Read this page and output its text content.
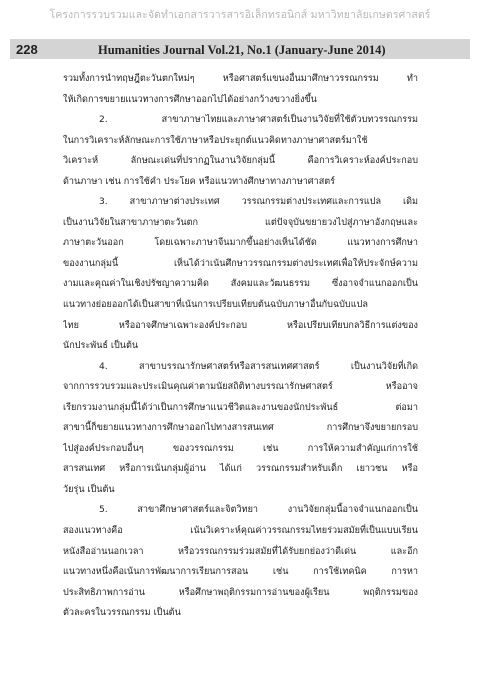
โครงการรวบรวมและจัดทำเอกสารวารสารอิเล็กทรอนิกส์ มหาวิทยาลัยเกษตรศาสตร์
228	Humanities Journal Vol.21, No.1 (January-June 2014)

รวมทั้งการนำทฤษฎีตะวันตกใหม่ๆ หรือศาสตร์แขนงอื่นมาศึกษาวรรณกรรม ทำ
ให้เกิดการขยายแนวทางการศึกษาออกไปได้อย่างกว้างขวางยิ่งขึ้น

2. สาขาภาษาไทยและภาษาศาสตร์เป็นงานวิจัยที่ใช้ตัวบทวรรณกรรม
ในการวิเคราะห์ลักษณะการใช้ภาษาหรือประยุกต์แนวคิดทางภาษาศาสตร์มาใช้
วิเคราะห์ ลักษณะเด่นที่ปรากฏในงานวิจัยกลุ่มนี้ คือการวิเคราะห์องค์ประกอบ
ด้านภาษา เช่น การใช้คำ ประโยค หรือแนวทางศึกษาทางภาษาศาสตร์

3. สาขาภาษาต่างประเทศ วรรณกรรมต่างประเทศและการแปล เดิม
เป็นงานวิจัยในสาขาภาษาตะวันตก แต่ปัจจุบันขยายวงไปสู่ภาษาอังกฤษและ
ภาษาตะวันออก โดยเฉพาะภาษาจีนมากขึ้นอย่างเห็นได้ชัด แนวทางการศึกษา
ของงานกลุ่มนี้ เห็นได้ว่าเน้นศึกษาวรรณกรรมต่างประเทศเพื่อให้ประจักษ์ความ
งามและคุณค่าในเชิงปรัชญาความคิด สังคมและวัฒนธรรม ซึ่งอาจจำแนกออกเป็น
แนวทางย่อยออกได้เป็นสาขาที่เน้นการเปรียบเทียบต้นฉบับภาษาอื่นกับฉบับแปล
ไทย หรืออาจศึกษาเฉพาะองค์ประกอบ หรือเปรียบเทียบกลวิธีการแต่งของ
นักประพันธ์ เป็นต้น

4. สาขาบรรณารักษศาสตร์หรือสารสนเทศศาสตร์ เป็นงานวิจัยที่เกิด
จากการรวบรวมและประเมินคุณค่าตามนัยสถิติทางบรรณารักษศาสตร์ หรืออาจ
เรียกรวมงานกลุ่มนี้ได้ว่าเป็นการศึกษาแนวชีวิตและงานของนักประพันธ์ ต่อมา
สาขานี้ก็ขยายแนวทางการศึกษาออกไปทางสารสนเทศ การศึกษาจึงขยายกรอบ
ไปสู่องค์ประกอบอื่นๆ ของวรรณกรรม เช่น การให้ความสำคัญแก่การใช้
สารสนเทศ หรือการเน้นกลุ่มผู้อ่าน ได้แก่ วรรณกรรมสำหรับเด็ก เยาวชน หรือ
วัยรุ่น เป็นต้น

5. สาขาศึกษาศาสตร์และจิตวิทยา งานวิจัยกลุ่มนี้อาจจำแนกออกเป็น
สองแนวทางคือ เน้นวิเคราะห์คุณค่าวรรณกรรมไทยร่วมสมัยที่เป็นแบบเรียน
หนังสืออ่านนอกเวลา หรือวรรณกรรมร่วมสมัยที่ได้รับยกย่องว่าดีเด่น และอีก
แนวทางหนึ่งคือเน้นการพัฒนาการเรียนการสอน เช่น การใช้เทคนิค การหา
ประสิทธิภาพการอ่าน หรือศึกษาพฤติกรรมการอ่านของผู้เรียน พฤติกรรมของ
ตัวละครในวรรณกรรม เป็นต้น
